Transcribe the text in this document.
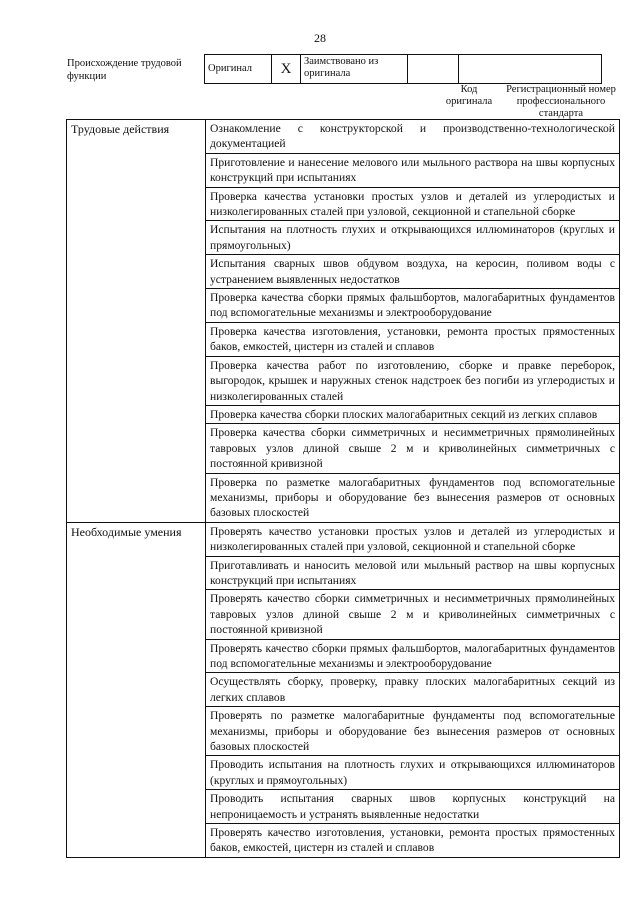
28
Происхождение трудовой функции
Оригинал	X	Заимствовано из оригинала		
Код оригинала
Регистрационный номер профессионального стандарта
Трудовые действия	Ознакомление с конструкторской и производственно-технологической документацией
	Приготовление и нанесение мелового или мыльного раствора на швы корпусных конструкций при испытаниях
	Проверка качества установки простых узлов и деталей из углеродистых и низколегированных сталей при узловой, секционной и стапельной сборке
	Испытания на плотность глухих и открывающихся иллюминаторов (круглых и прямоугольных)
	Испытания сварных швов обдувом воздуха, на керосин, поливом воды с устранением выявленных недостатков
	Проверка качества сборки прямых фальшбортов, малогабаритных фундаментов под вспомогательные механизмы и электрооборудование
	Проверка качества изготовления, установки, ремонта простых прямостенных баков, емкостей, цистерн из сталей и сплавов
	Проверка качества работ по изготовлению, сборке и правке переборок, выгородок, крышек и наружных стенок надстроек без погиби из углеродистых и низколегированных сталей
	Проверка качества сборки плоских малогабаритных секций из легких сплавов
	Проверка качества сборки симметричных и несимметричных прямолинейных тавровых узлов длиной свыше 2 м и криволинейных симметричных с постоянной кривизной
	Проверка по разметке малогабаритных фундаментов под вспомогательные механизмы, приборы и оборудование без вынесения размеров от основных базовых плоскостей
Необходимые умения	Проверять качество установки простых узлов и деталей из углеродистых и низколегированных сталей при узловой, секционной и стапельной сборке
	Приготавливать и наносить меловой или мыльный раствор на швы корпусных конструкций при испытаниях
	Проверять качество сборки симметричных и несимметричных прямолинейных тавровых узлов длиной свыше 2 м и криволинейных симметричных с постоянной кривизной
	Проверять качество сборки прямых фальшбортов, малогабаритных фундаментов под вспомогательные механизмы и электрооборудование
	Осуществлять сборку, проверку, правку плоских малогабаритных секций из легких сплавов
	Проверять по разметке малогабаритные фундаменты под вспомогательные механизмы, приборы и оборудование без вынесения размеров от основных базовых плоскостей
	Проводить испытания на плотность глухих и открывающихся иллюминаторов (круглых и прямоугольных)
	Проводить испытания сварных швов корпусных конструкций на непроницаемость и устранять выявленные недостатки
	Проверять качество изготовления, установки, ремонта простых прямостенных баков, емкостей, цистерн из сталей и сплавов
